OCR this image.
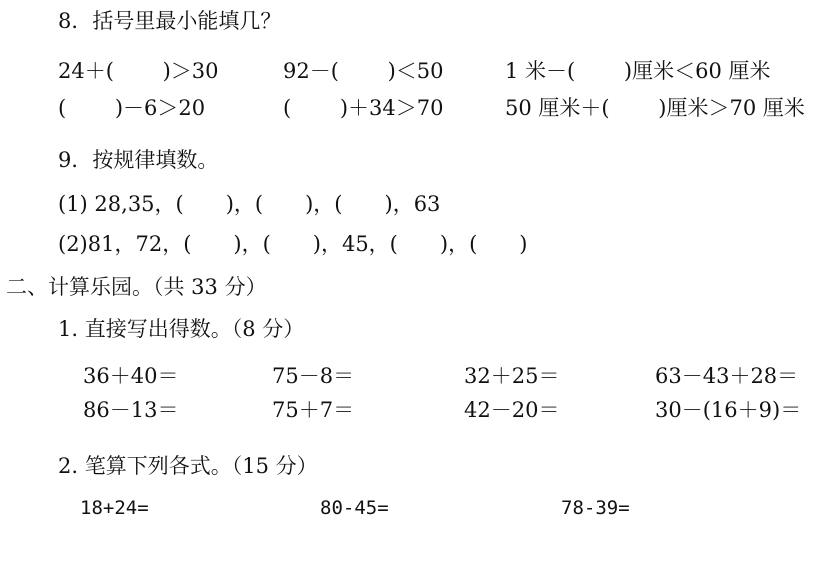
8．括号里最小能填几？
24＋(　　 )＞30	92－(　　 )＜50	1 米－(　　 )厘米＜60 厘米
(　　 )－6＞20	(　　 )＋34＞70	50 厘米＋(　　 )厘米＞70 厘米
9．按规律填数。
(1) 28,35，(　　)，(　　)，(　　)，63
(2)81，72，(　　)，(　　)，45，(　　)，(　　)
二、计算乐园。（共 33 分）
1. 直接写出得数。（8 分）
36＋40＝	75－8＝	32＋25＝	63－43＋28＝
86－13＝	75＋7＝	42－20＝	30－(16＋9)＝
2. 笔算下列各式。（15 分）
18+24=	80-45=	78-39=
